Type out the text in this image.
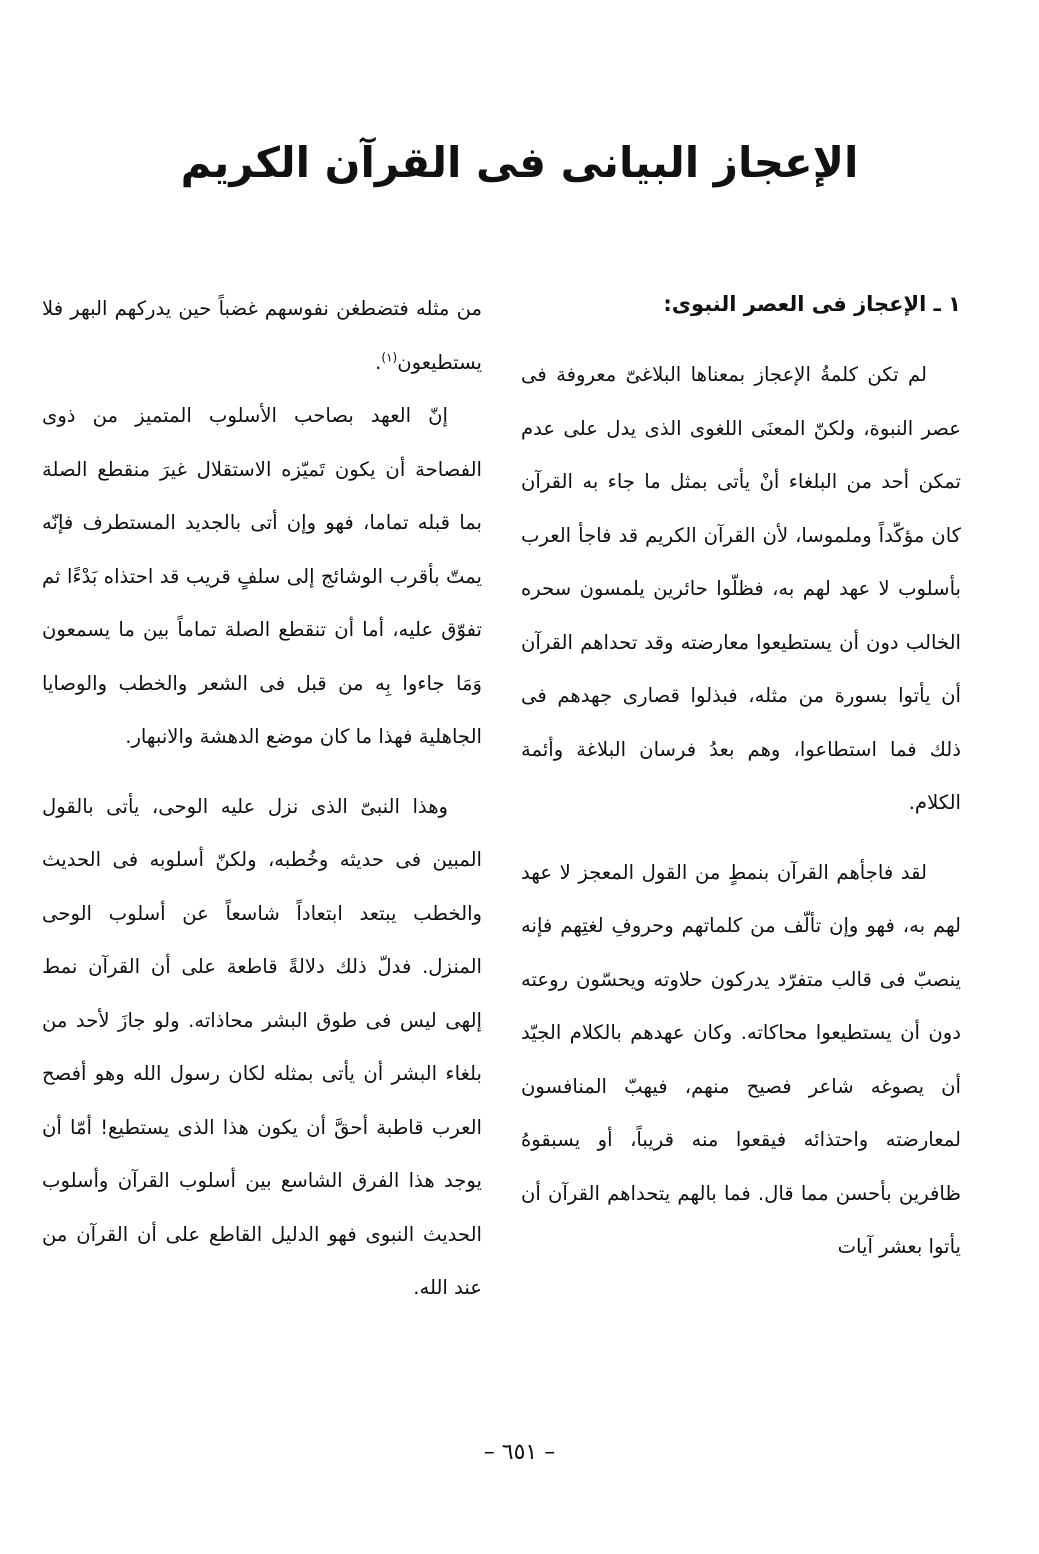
الإعجاز البيانى فى القرآن الكريم
١ ـ الإعجاز فى العصر النبوى:

لم تكن كلمةُ الإعجاز بمعناها البلاغىّ معروفة فى عصر النبوة، ولكنّ المعنَى اللغوى الذى يدل على عدم تمكن أحد من البلغاء أنْ يأتى بمثل ما جاء به القرآن كان مؤكّداً وملموسا، لأن القرآن الكريم قد فاجأ العرب بأسلوب لا عهد لهم به، فظلّوا حائرين يلمسون سحره الخالب دون أن يستطيعوا معارضته وقد تحداهم القرآن أن يأتوا بسورة من مثله، فبذلوا قصارى جهدهم فى ذلك فما استطاعوا، وهم بعدُ فرسان البلاغة وأئمة الكلام.

لقد فاجأهم القرآن بنمطٍ من القول المعجز لا عهد لهم به، فهو وإن تألّف من كلماتهم وحروفِ لغتِهم فإنه ينصبّ فى قالب متفرّد يدركون حلاوته ويحسّون روعته دون أن يستطيعوا محاكاته. وكان عهدهم بالكلام الجيّد أن يصوغه شاعر فصيح منهم، فيهبّ المنافسون لمعارضته واحتذائه فيقعوا منه قريباً، أو يسبقوهُ ظافرين بأحسن مما قال. فما بالهم يتحداهم القرآن أن يأتوا بعشر آيات

من مثله فتضطغن نفوسهم غضباً حين يدركهم البهر فلا يستطيعون$^{(١)}$.

إنّ العهد بصاحب الأسلوب المتميز من ذوى الفصاحة أن يكون تَميّزه الاستقلال غيرَ منقطع الصلة بما قبله تماما، فهو وإن أتى بالجديد المستطرف فإنّه يمتّ بأقرب الوشائج إلى سلفٍ قريب قد احتذاه بَدْءًا ثم تفوّق عليه، أما أن تنقطع الصلة تماماً بين ما يسمعون وَمَا جاءوا بِه من قبل فى الشعر والخطب والوصايا الجاهلية فهذا ما كان موضع الدهشة والانبهار.

وهذا النبىّ الذى نزل عليه الوحى، يأتى بالقول المبين فى حديثه وخُطبه، ولكنّ أسلوبه فى الحديث والخطب يبتعد ابتعاداً شاسعاً عن أسلوب الوحى المنزل. فدلّ ذلك دلالةً قاطعة على أن القرآن نمط إلهى ليس فى طوق البشر محاذاته. ولو جازَ لأحد من بلغاء البشر أن يأتى بمثله لكان رسول الله وهو أفصح العرب قاطبة أحقَّ أن يكون هذا الذى يستطيع! أمّا أن يوجد هذا الفرق الشاسع بين أسلوب القرآن وأسلوب الحديث النبوى فهو الدليل القاطع على أن القرآن من عند الله.

– ٦٥١ –
